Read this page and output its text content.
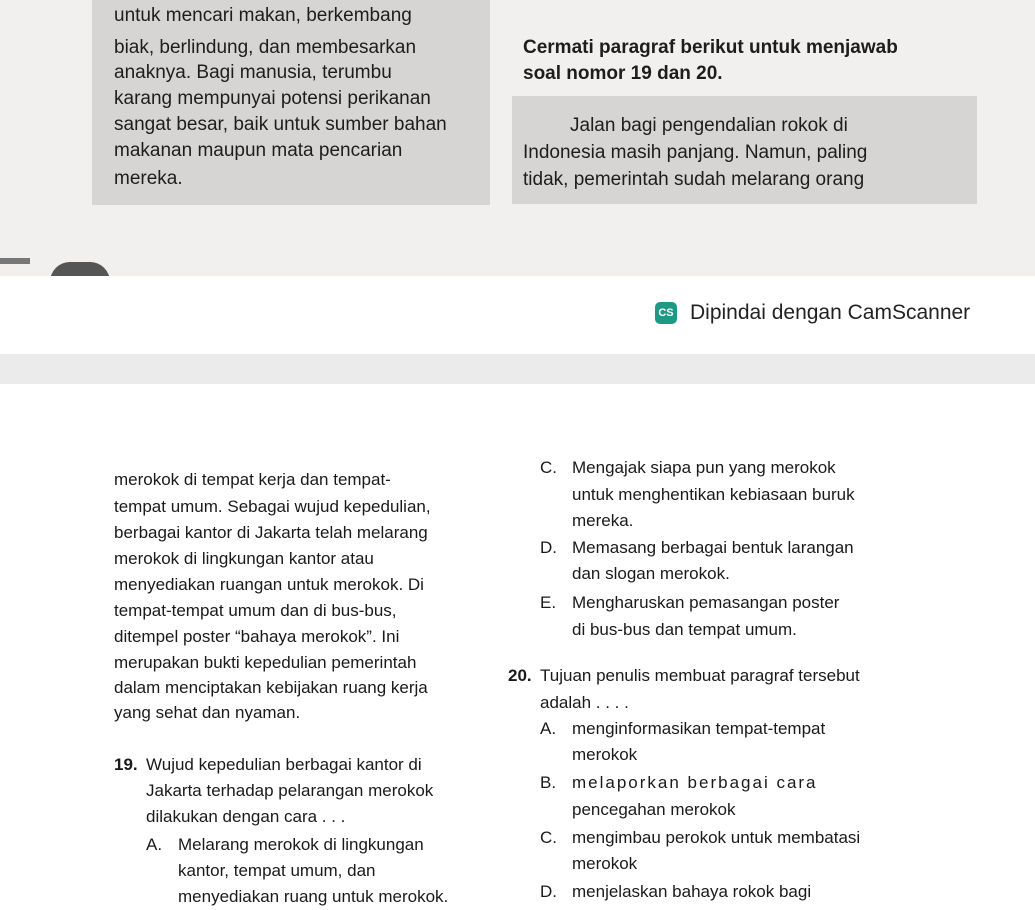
untuk mencari makan, berkembang
biak, berlindung, dan membesarkan
anaknya. Bagi manusia, terumbu
karang mempunyai potensi perikanan
sangat besar, baik untuk sumber bahan
makanan maupun mata pencarian
mereka.
Cermati paragraf berikut untuk menjawab
soal nomor 19 dan 20.
Jalan bagi pengendalian rokok di
Indonesia masih panjang. Namun, paling
tidak, pemerintah sudah melarang orang
CS Dipindai dengan CamScanner
merokok di tempat kerja dan tempat-
tempat umum. Sebagai wujud kepedulian,
berbagai kantor di Jakarta telah melarang
merokok di lingkungan kantor atau
menyediakan ruangan untuk merokok. Di
tempat-tempat umum dan di bus-bus,
ditempel poster “bahaya merokok”. Ini
merupakan bukti kepedulian pemerintah
dalam menciptakan kebijakan ruang kerja
yang sehat dan nyaman.
19. Wujud kepedulian berbagai kantor di
Jakarta terhadap pelarangan merokok
dilakukan dengan cara . . .
A. Melarang merokok di lingkungan
kantor, tempat umum, dan
menyediakan ruang untuk merokok.
C. Mengajak siapa pun yang merokok
untuk menghentikan kebiasaan buruk
mereka.
D. Memasang berbagai bentuk larangan
dan slogan merokok.
E. Mengharuskan pemasangan poster
di bus-bus dan tempat umum.
20. Tujuan penulis membuat paragraf tersebut
adalah . . . .
A. menginformasikan tempat-tempat
merokok
B. melaporkan berbagai cara
pencegahan merokok
C. mengimbau perokok untuk membatasi
merokok
D. menjelaskan bahaya rokok bagi
